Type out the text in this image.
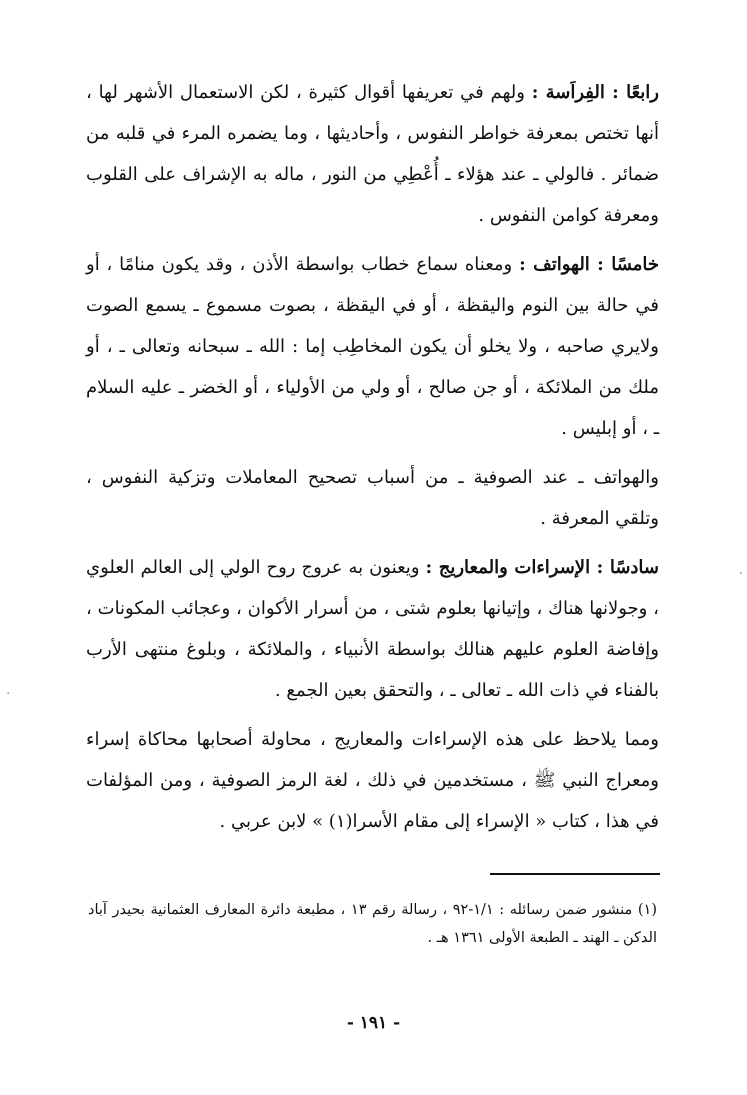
رابعًا : الفِراَسة : ولهم في تعريفها أقوال كثيرة ، لكن الاستعمال الأشهر لها ، أنها تختص بمعرفة خواطر النفوس ، وأحاديثها ، وما يضمره المرء في قلبه من ضمائر . فالولي ـ عند هؤلاء ـ أُعْطِي من النور ، ماله به الإشراف على القلوب ومعرفة كوامن النفوس .

خامسًا : الهواتف : ومعناه سماع خطاب بواسطة الأذن ، وقد يكون منامًا ، أو في حالة بين النوم واليقظة ، أو في اليقظة ، بصوت مسموع ـ يسمع الصوت ولايري صاحبه ، ولا يخلو أن يكون المخاطِب إما : الله ـ سبحانه وتعالى ـ ، أو ملك من الملائكة ، أو جن صالح ، أو ولي من الأولياء ، أو الخضر ـ عليه السلام ـ ، أو إبليس .

والهواتف ـ عند الصوفية ـ من أسباب تصحيح المعاملات وتزكية النفوس ، وتلقي المعرفة .

سادسًا : الإسراءات والمعاريج : ويعنون به عروج روح الولي إلى العالم العلوي ، وجولانها هناك ، وإتيانها بعلوم شتى ، من أسرار الأكوان ، وعجائب المكونات ، وإفاضة العلوم عليهم هنالك بواسطة الأنبياء ، والملائكة ، وبلوغ منتهى الأرب بالفناء في ذات الله ـ تعالى ـ ، والتحقق بعين الجمع .

ومما يلاحظ على هذه الإسراءات والمعاريج ، محاولة أصحابها محاكاة إسراء ومعراج النبي ﷺ ، مستخدمين في ذلك ، لغة الرمز الصوفية ، ومن المؤلفات في هذا ، كتاب « الإسراء إلى مقام الأسرا(١) » لابن عربي .

(١) منشور ضمن رسائله : ١/١-٩٢ ، رسالة رقم ١٣ ، مطبعة دائرة المعارف العثمانية بحيدر آباد الدكن ـ الهند ـ الطبعة الأولى ١٣٦١ هـ .
- ١٩١ -
·
·
